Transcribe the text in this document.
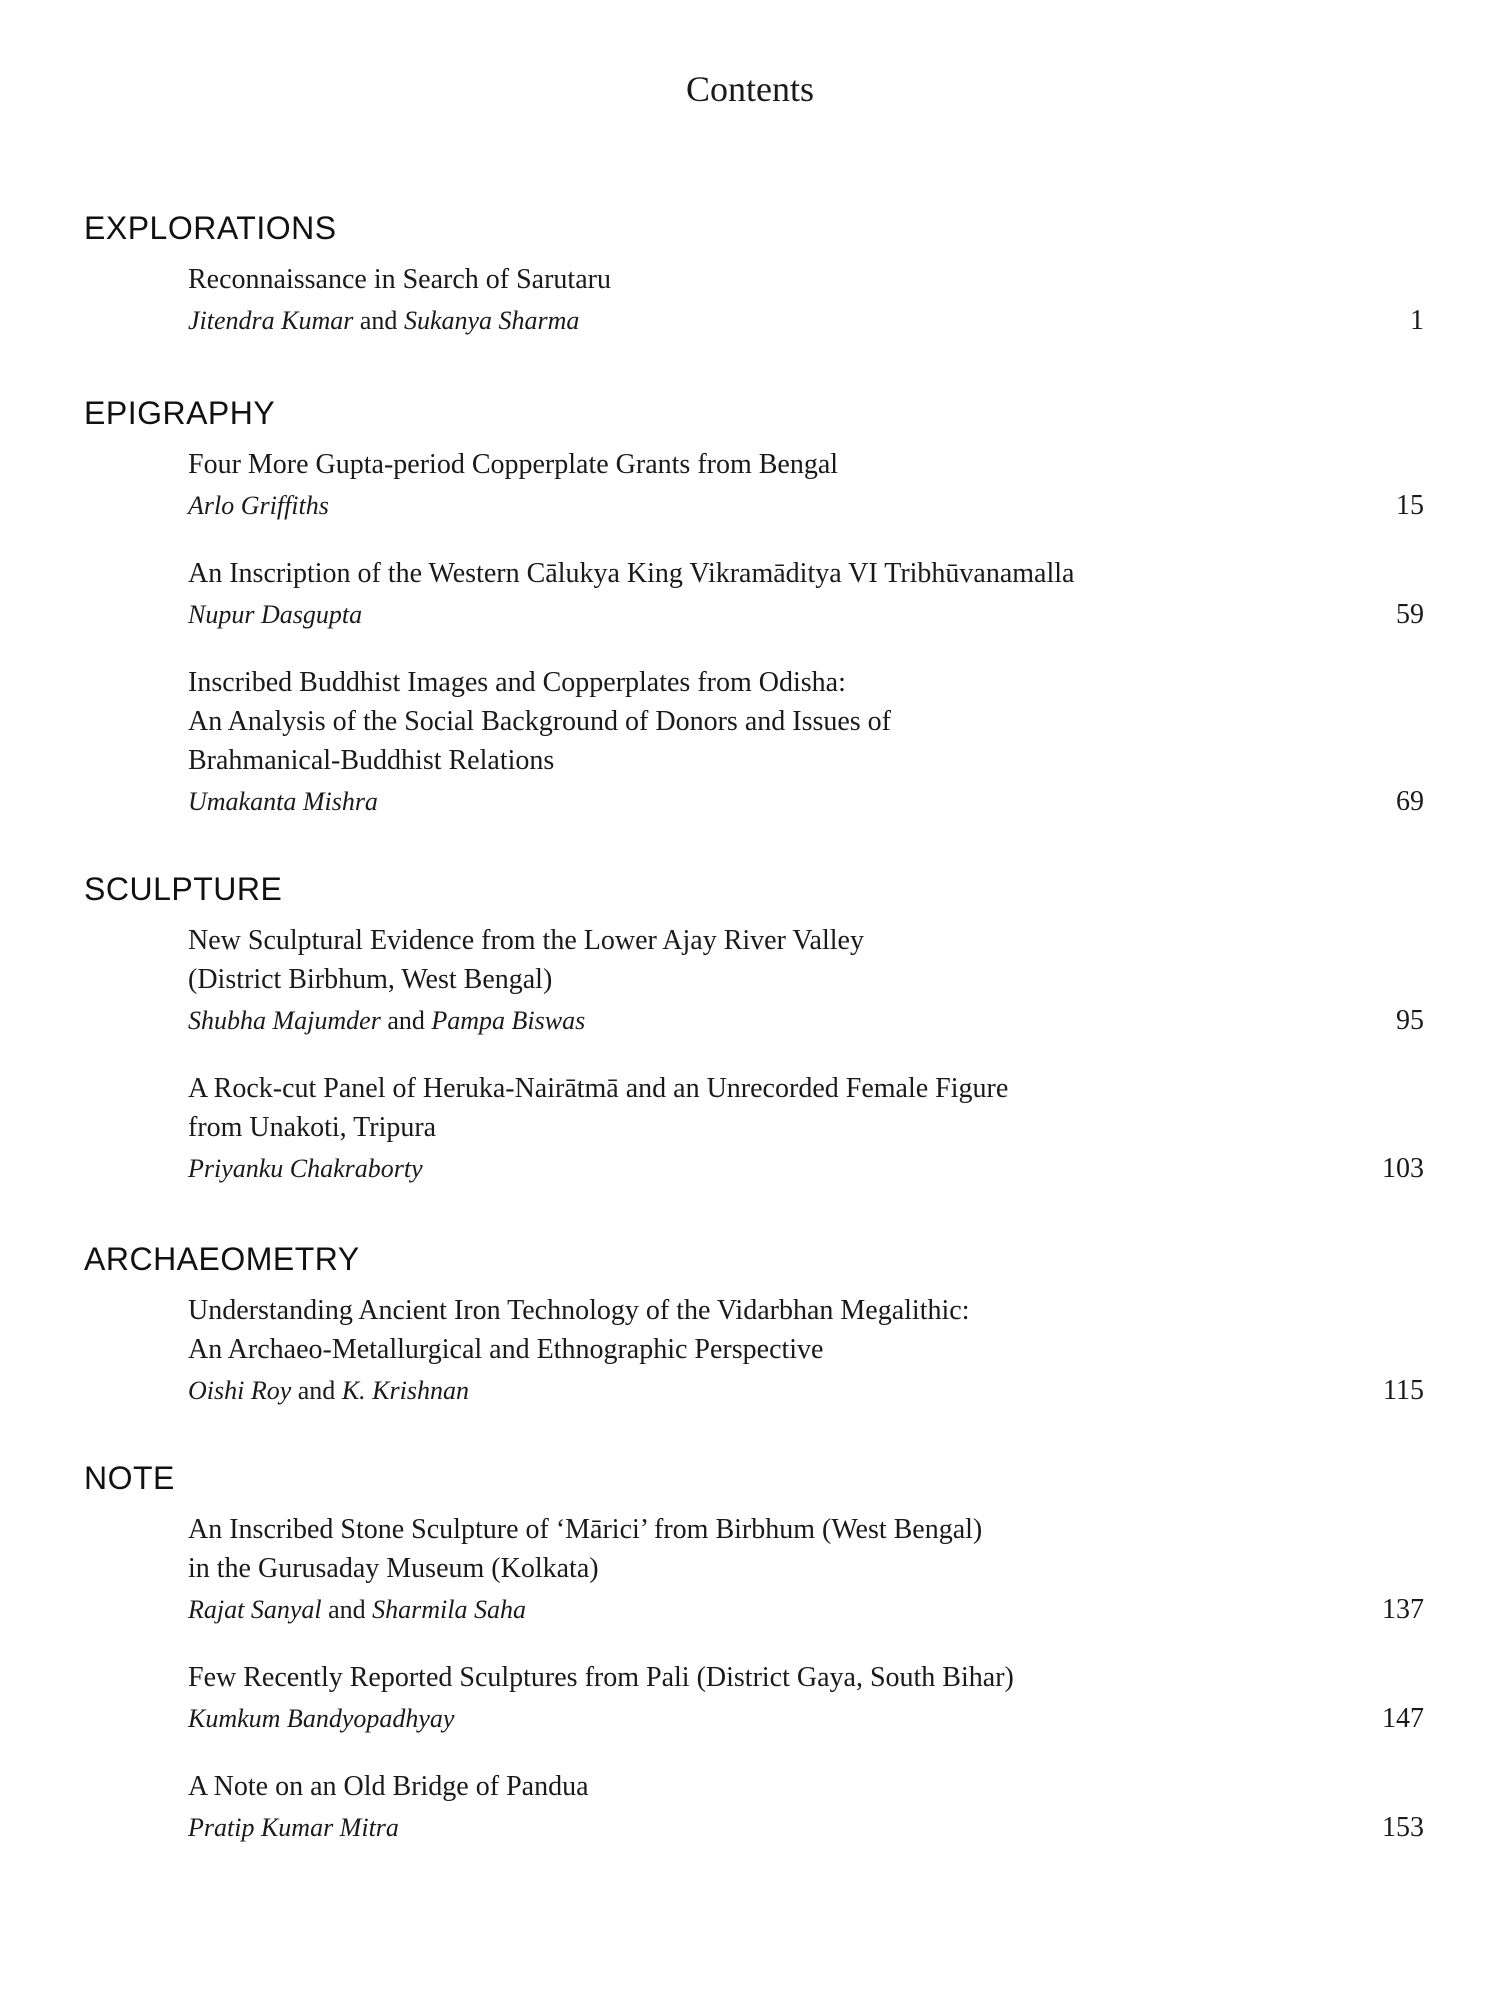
Contents
EXPLORATIONS
Reconnaissance in Search of Sarutaru
Jitendra Kumar and Sukanya Sharma	1
EPIGRAPHY
Four More Gupta-period Copperplate Grants from Bengal
Arlo Griffiths	15
An Inscription of the Western Cālukya King Vikramāditya VI Tribhūvanamalla
Nupur Dasgupta	59
Inscribed Buddhist Images and Copperplates from Odisha:
An Analysis of the Social Background of Donors and Issues of
Brahmanical-Buddhist Relations
Umakanta Mishra	69
SCULPTURE
New Sculptural Evidence from the Lower Ajay River Valley
(District Birbhum, West Bengal)
Shubha Majumder and Pampa Biswas	95
A Rock-cut Panel of Heruka-Nairātmā and an Unrecorded Female Figure
from Unakoti, Tripura
Priyanku Chakraborty	103
ARCHAEOMETRY
Understanding Ancient Iron Technology of the Vidarbhan Megalithic:
An Archaeo-Metallurgical and Ethnographic Perspective
Oishi Roy and K. Krishnan	115
NOTE
An Inscribed Stone Sculpture of ‘Mārici’ from Birbhum (West Bengal)
in the Gurusaday Museum (Kolkata)
Rajat Sanyal and Sharmila Saha	137
Few Recently Reported Sculptures from Pali (District Gaya, South Bihar)
Kumkum Bandyopadhyay	147
A Note on an Old Bridge of Pandua
Pratip Kumar Mitra	153
